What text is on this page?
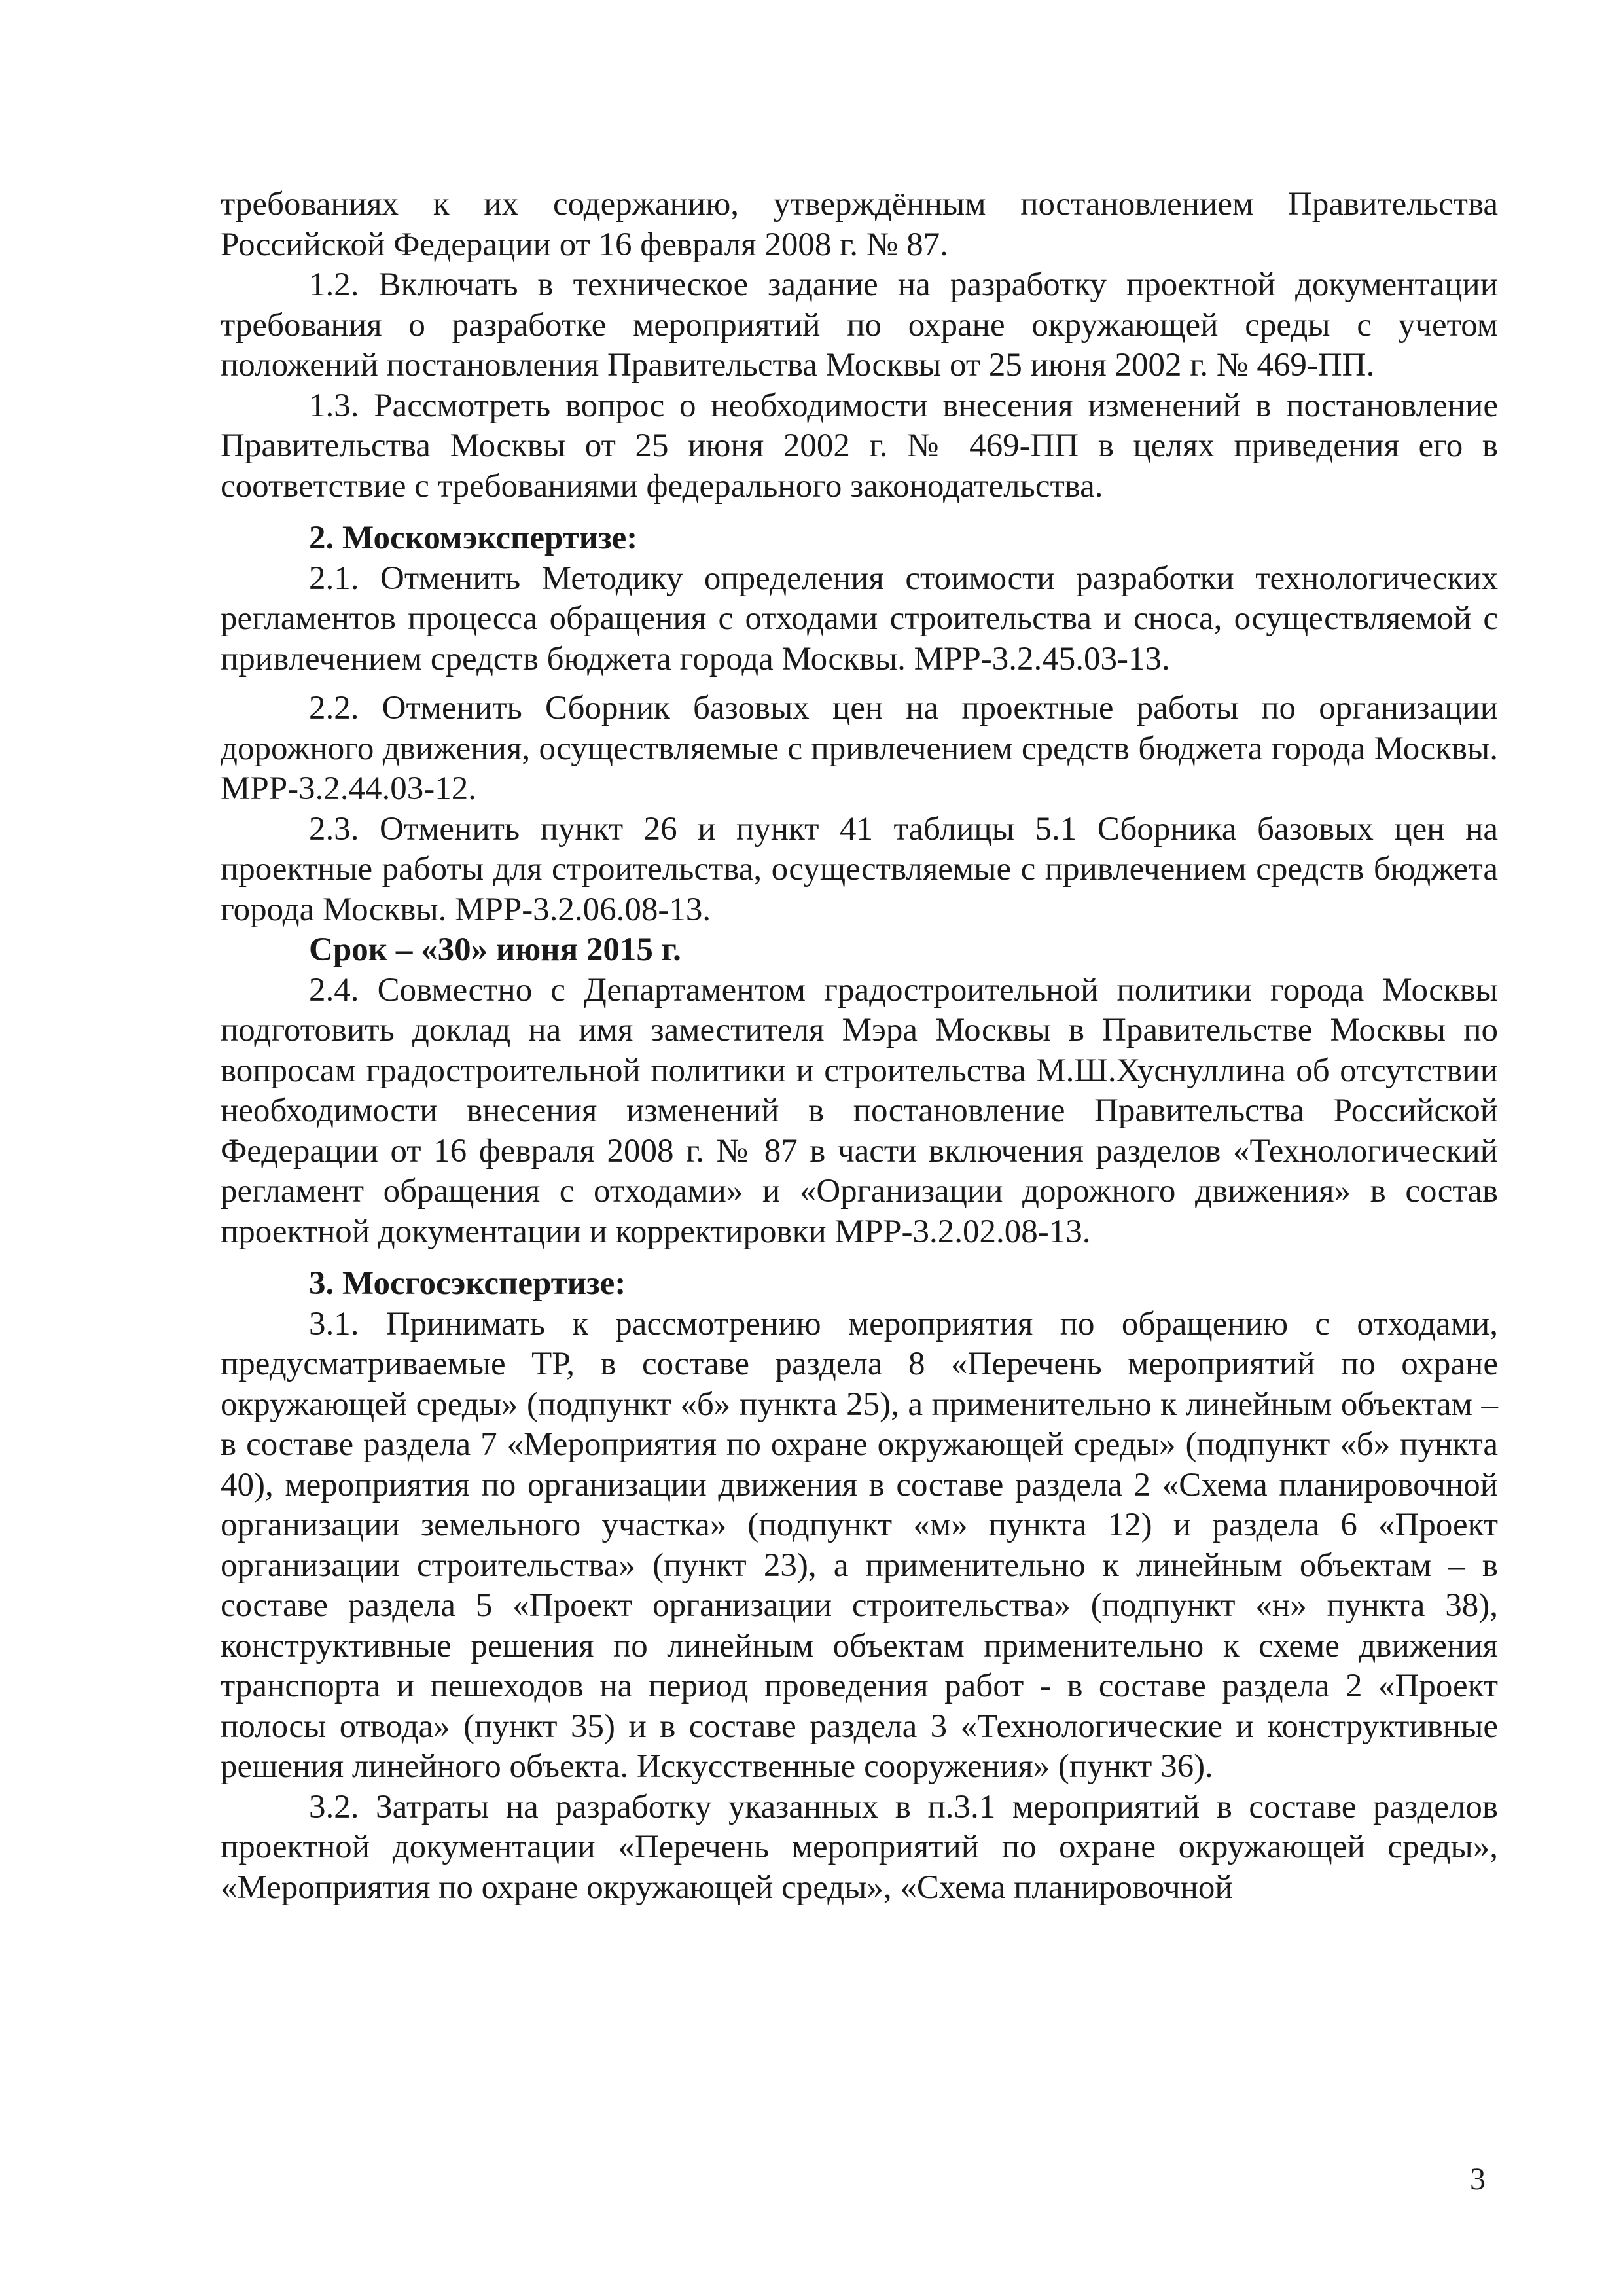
требованиях к их содержанию, утверждённым постановлением Правительства Российской Федерации от 16 февраля 2008 г. № 87.

1.2. Включать в техническое задание на разработку проектной документации требования о разработке мероприятий по охране окружающей среды с учетом положений постановления Правительства Москвы от 25 июня 2002 г. № 469-ПП.

1.3. Рассмотреть вопрос о необходимости внесения изменений в постановление Правительства Москвы от 25 июня 2002 г. № 469-ПП в целях приведения его в соответствие с требованиями федерального законодательства.

2. Москомэкспертизе:

2.1. Отменить Методику определения стоимости разработки технологических регламентов процесса обращения с отходами строительства и сноса, осуществляемой с привлечением средств бюджета города Москвы. МРР-3.2.45.03-13.

2.2. Отменить Сборник базовых цен на проектные работы по организации дорожного движения, осуществляемые с привлечением средств бюджета города Москвы. МРР-3.2.44.03-12.

2.3. Отменить пункт 26 и пункт 41 таблицы 5.1 Сборника базовых цен на проектные работы для строительства, осуществляемые с привлечением средств бюджета города Москвы. МРР-3.2.06.08-13.

Срок – «30» июня 2015 г.

2.4. Совместно с Департаментом градостроительной политики города Москвы подготовить доклад на имя заместителя Мэра Москвы в Правительстве Москвы по вопросам градостроительной политики и строительства М.Ш.Хуснуллина об отсутствии необходимости внесения изменений в постановление Правительства Российской Федерации от 16 февраля 2008 г. № 87 в части включения разделов «Технологический регламент обращения с отходами» и «Организации дорожного движения» в состав проектной документации и корректировки МРР-3.2.02.08-13.

3. Мосгосэкспертизе:

3.1. Принимать к рассмотрению мероприятия по обращению с отходами, предусматриваемые ТР, в составе раздела 8 «Перечень мероприятий по охране окружающей среды» (подпункт «б» пункта 25), а применительно к линейным объектам – в составе раздела 7 «Мероприятия по охране окружающей среды» (подпункт «б» пункта 40), мероприятия по организации движения в составе раздела 2 «Схема планировочной организации земельного участка» (подпункт «м» пункта 12) и раздела 6 «Проект организации строительства» (пункт 23), а применительно к линейным объектам – в составе раздела 5 «Проект организации строительства» (подпункт «н» пункта 38), конструктивные решения по линейным объектам применительно к схеме движения транспорта и пешеходов на период проведения работ - в составе раздела 2 «Проект полосы отвода» (пункт 35) и в составе раздела 3 «Технологические и конструктивные решения линейного объекта. Искусственные сооружения» (пункт 36).

3.2. Затраты на разработку указанных в п.3.1 мероприятий в составе разделов проектной документации «Перечень мероприятий по охране окружающей среды», «Мероприятия по охране окружающей среды», «Схема планировочной

3
